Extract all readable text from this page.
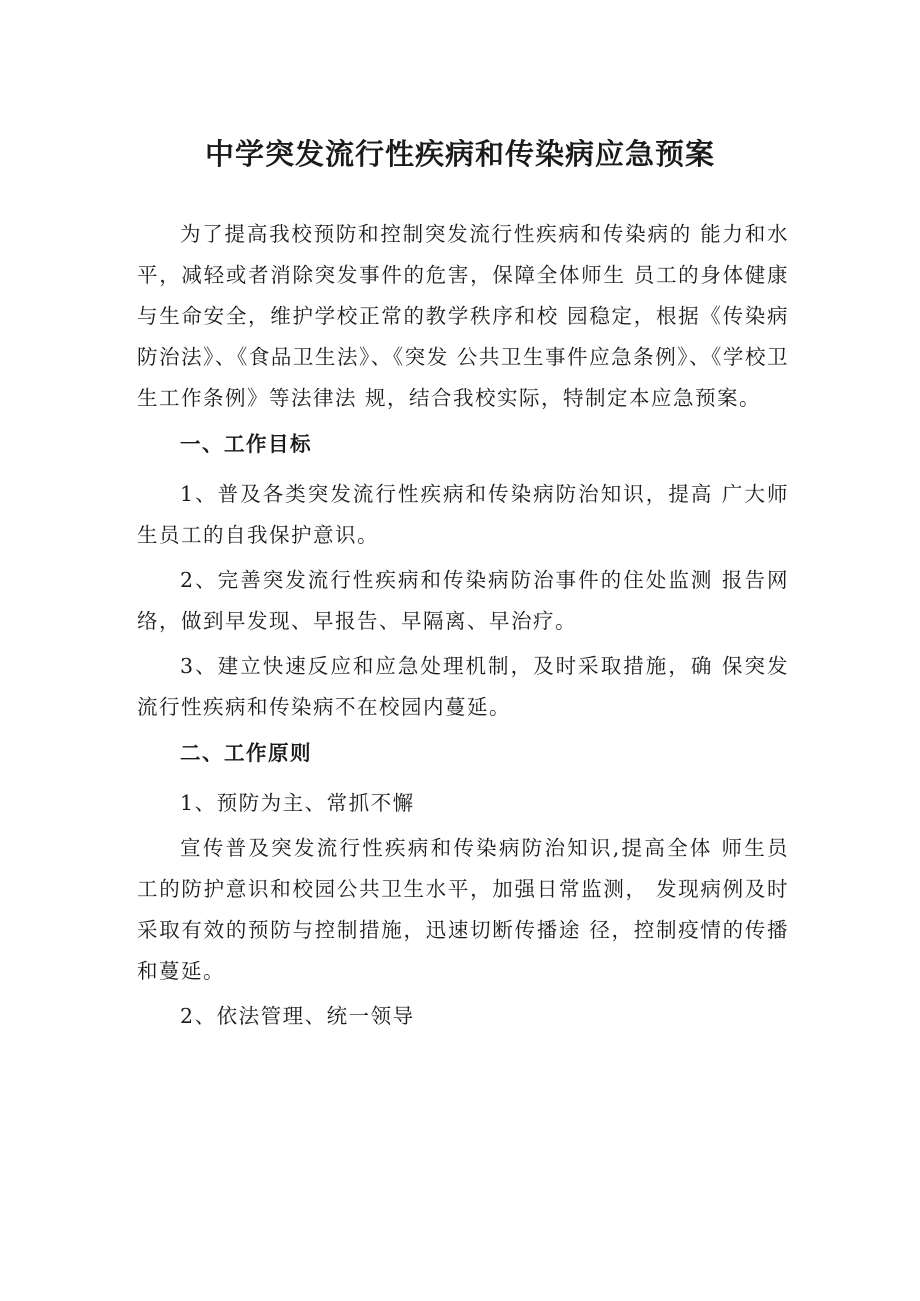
中学突发流行性疾病和传染病应急预案

为了提高我校预防和控制突发流行性疾病和传染病的 能力和水平，减轻或者消除突发事件的危害，保障全体师生 员工的身体健康与生命安全，维护学校正常的教学秩序和校 园稳定，根据《传染病防治法》、《食品卫生法》、《突发 公共卫生事件应急条例》、《学校卫生工作条例》等法律法 规，结合我校实际，特制定本应急预案。

一、工作目标

1、普及各类突发流行性疾病和传染病防治知识，提高 广大师生员工的自我保护意识。

2、完善突发流行性疾病和传染病防治事件的住处监测 报告网络，做到早发现、早报告、早隔离、早治疗。

3、建立快速反应和应急处理机制，及时采取措施，确 保突发流行性疾病和传染病不在校园内蔓延。

二、工作原则

1、预防为主、常抓不懈

宣传普及突发流行性疾病和传染病防治知识,提高全体 师生员工的防护意识和校园公共卫生水平，加强日常监测， 发现病例及时采取有效的预防与控制措施，迅速切断传播途 径，控制疫情的传播和蔓延。

2、依法管理、统一领导
